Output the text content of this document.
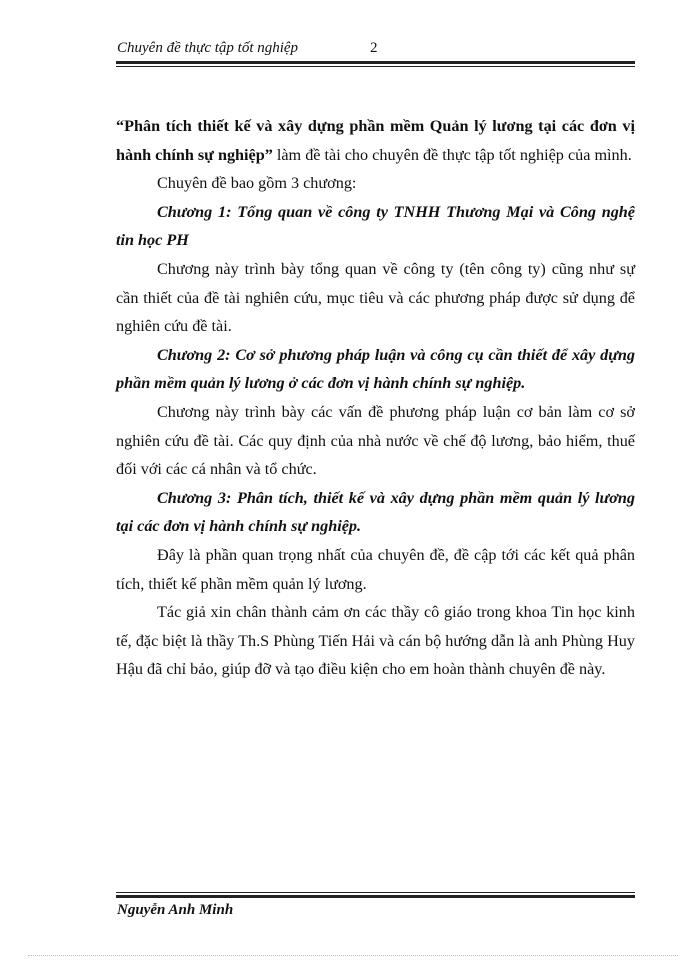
Chuyên đề thực tập tốt nghiệp	2

“Phân tích thiết kế và xây dựng phần mềm Quản lý lương tại các đơn vị hành chính sự nghiệp” làm đề tài cho chuyên đề thực tập tốt nghiệp của mình.

Chuyên đề bao gồm 3 chương:

Chương 1: Tổng quan về công ty TNHH Thương Mại và Công nghệ tin học PH

Chương này trình bày tổng quan về công ty (tên công ty) cũng như sự cần thiết của đề tài nghiên cứu, mục tiêu và các phương pháp được sử dụng để nghiên cứu đề tài.

Chương 2: Cơ sở phương pháp luận và công cụ cần thiết để xây dựng phần mềm quản lý lương ở các đơn vị hành chính sự nghiệp.

Chương này trình bày các vấn đề phương pháp luận cơ bản làm cơ sở nghiên cứu đề tài. Các quy định của nhà nước về chế độ lương, bảo hiểm, thuế đối với các cá nhân và tổ chức.

Chương 3: Phân tích, thiết kế và xây dựng phần mềm quản lý lương tại các đơn vị hành chính sự nghiệp.

Đây là phần quan trọng nhất của chuyên đề, đề cập tới các kết quả phân tích, thiết kế phần mềm quản lý lương.

Tác giả xin chân thành cảm ơn các thầy cô giáo trong khoa Tin học kinh tế, đặc biệt là thầy Th.S Phùng Tiến Hải và cán bộ hướng dẫn là anh Phùng Huy Hậu đã chỉ bảo, giúp đỡ và tạo điều kiện cho em hoàn thành chuyên đề này.

Nguyễn Anh Minh
